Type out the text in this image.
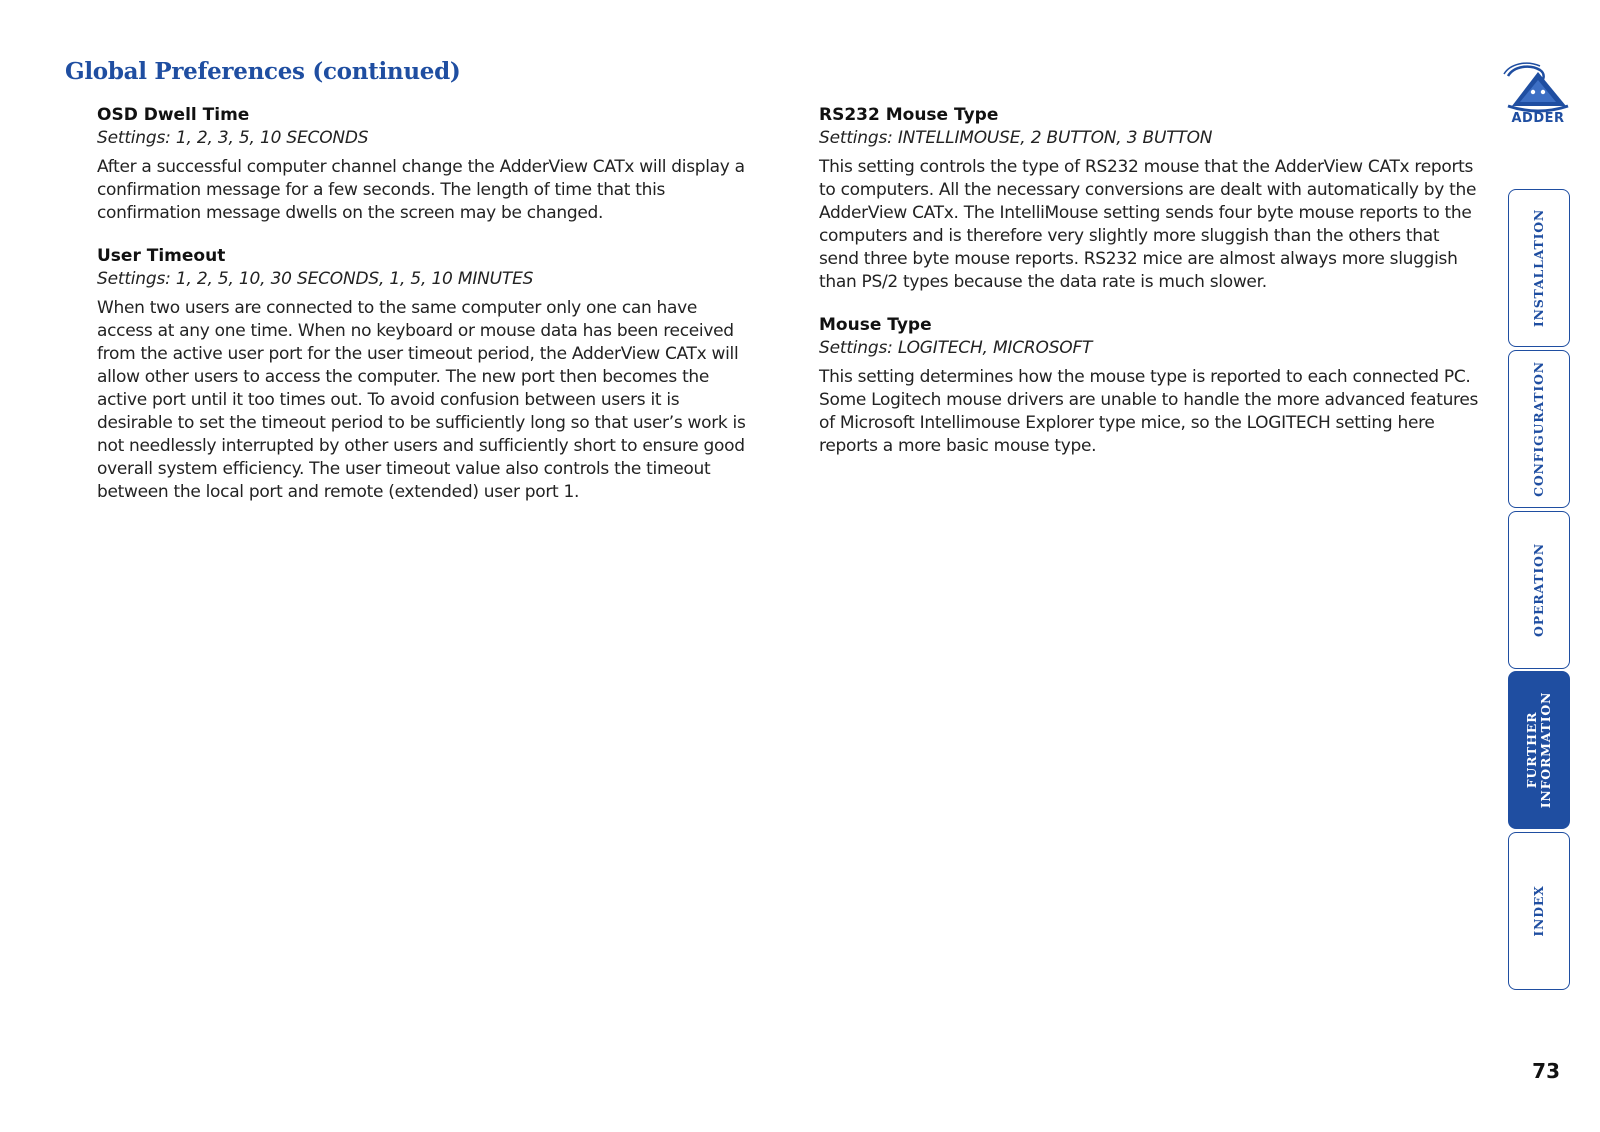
Global Preferences (continued)

OSD Dwell Time

Settings: 1, 2, 3, 5, 10 SECONDS

After a successful computer channel change the AdderView CATx will display a confirmation message for a few seconds. The length of time that this confirmation message dwells on the screen may be changed.

User Timeout

Settings: 1, 2, 5, 10, 30 SECONDS, 1, 5, 10 MINUTES

When two users are connected to the same computer only one can have access at any one time. When no keyboard or mouse data has been received from the active user port for the user timeout period, the AdderView CATx will allow other users to access the computer. The new port then becomes the active port until it too times out. To avoid confusion between users it is desirable to set the timeout period to be sufficiently long so that user’s work is not needlessly interrupted by other users and sufficiently short to ensure good overall system efficiency. The user timeout value also controls the timeout between the local port and remote (extended) user port 1.

RS232 Mouse Type

Settings: INTELLIMOUSE, 2 BUTTON, 3 BUTTON

This setting controls the type of RS232 mouse that the AdderView CATx reports to computers. All the necessary conversions are dealt with automatically by the AdderView CATx. The IntelliMouse setting sends four byte mouse reports to the computers and is therefore very slightly more sluggish than the others that send three byte mouse reports. RS232 mice are almost always more sluggish than PS/2 types because the data rate is much slower.

Mouse Type

Settings: LOGITECH, MICROSOFT

This setting determines how the mouse type is reported to each connected PC. Some Logitech mouse drivers are unable to handle the more advanced features of Microsoft Intellimouse Explorer type mice, so the LOGITECH setting here reports a more basic mouse type.

ADDER
INSTALLATION
CONFIGURATION
OPERATION
FURTHER
INFORMATION
INDEX
73
